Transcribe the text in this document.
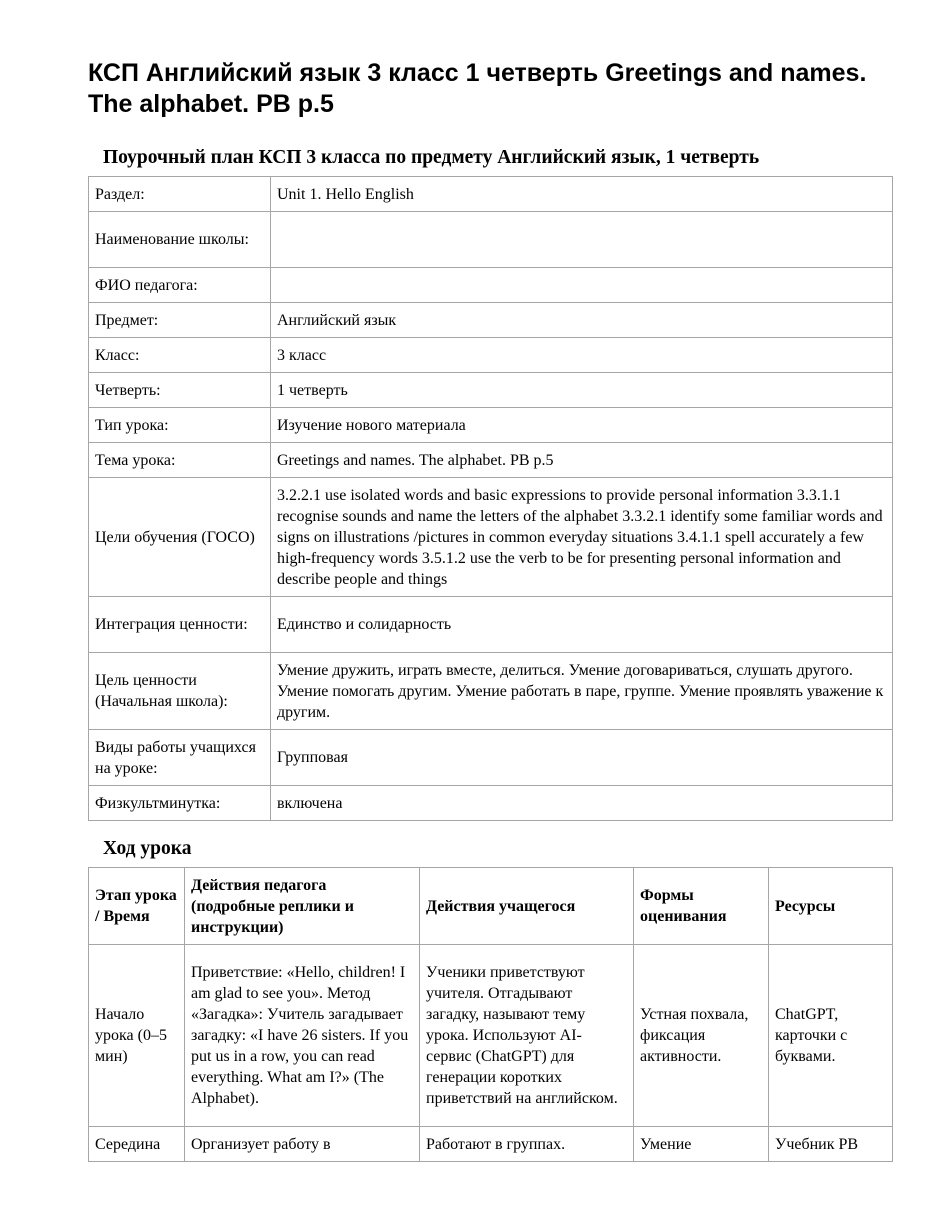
КСП Английский язык 3 класс 1 четверть Greetings and names. The alphabet. PB p.5
Поурочный план КСП 3 класса по предмету Английский язык, 1 четверть
Раздел:	Unit 1. Hello English
Наименование школы:	
ФИО педагога:	
Предмет:	Английский язык
Класс:	3 класс
Четверть:	1 четверть
Тип урока:	Изучение нового материала
Тема урока:	Greetings and names. The alphabet. PB p.5
Цели обучения (ГОСО)	3.2.2.1 use isolated words and basic expressions to provide personal information 3.3.1.1 recognise sounds and name the letters of the alphabet 3.3.2.1 identify some familiar words and signs on illustrations /pictures in common everyday situations 3.4.1.1 spell accurately a few high-frequency words 3.5.1.2 use the verb to be for presenting personal information and describe people and things
Интеграция ценности:	Единство и солидарность
Цель ценности (Начальная школа):	Умение дружить, играть вместе, делиться. Умение договариваться, слушать другого. Умение помогать другим. Умение работать в паре, группе. Умение проявлять уважение к другим.
Виды работы учащихся на уроке:	Групповая
Физкультминутка:	включена
Ход урока
Этап урока / Время	Действия педагога (подробные реплики и инструкции)	Действия учащегося	Формы оценивания	Ресурсы
Начало урока (0–5 мин)	Приветствие: «Hello, children! I am glad to see you». Метод «Загадка»: Учитель загадывает загадку: «I have 26 sisters. If you put us in a row, you can read everything. What am I?» (The Alphabet).	Ученики приветствуют учителя. Отгадывают загадку, называют тему урока. Используют AI-сервис (ChatGPT) для генерации коротких приветствий на английском.	Устная похвала, фиксация активности.	ChatGPT, карточки с буквами.
Середина	Организует работу в	Работают в группах.	Умение	Учебник PB
